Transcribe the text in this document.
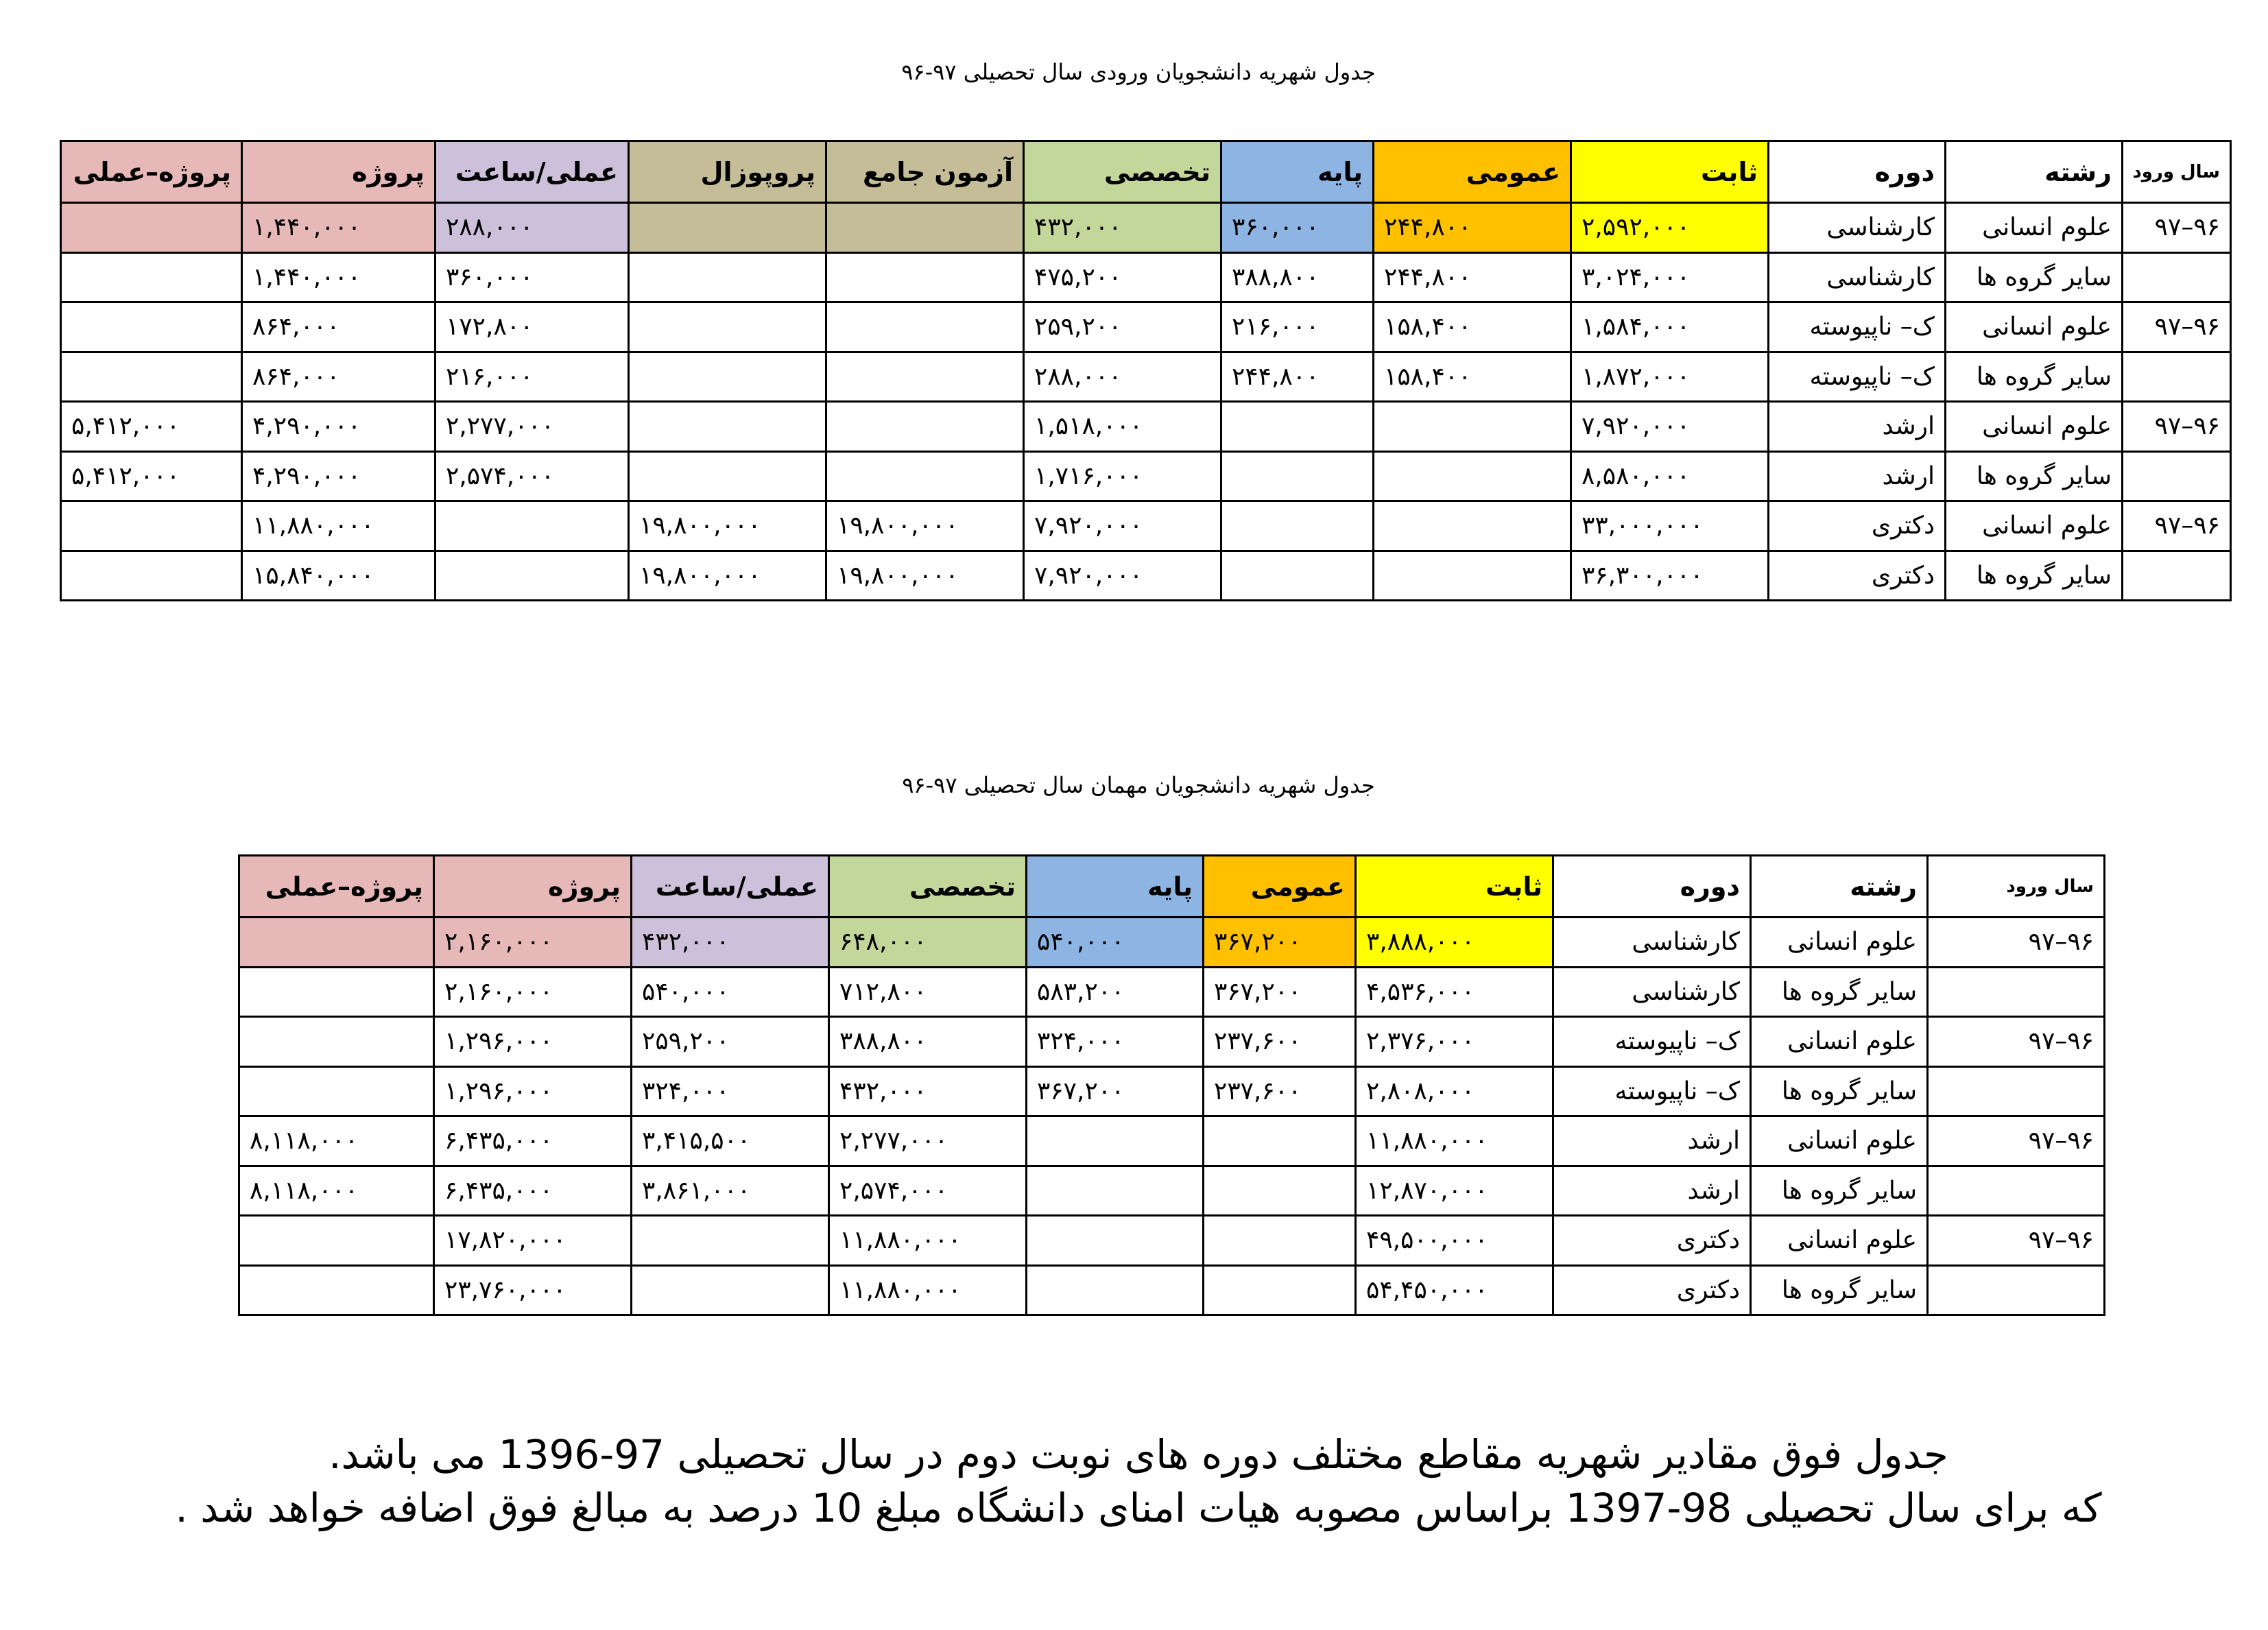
جدول شهریه دانشجویان ورودی سال تحصیلی ۹۷-۹۶
سال ورود	رشته	دوره	ثابت	عمومی	پایه	تخصصی	آزمون جامع	پروپوزال	عملی/ساعت	پروژه	پروژه–عملی
۹۶–۹۷	علوم انسانی	کارشناسی	۲,۵۹۲,۰۰۰	۲۴۴,۸۰۰	۳۶۰,۰۰۰	۴۳۲,۰۰۰			۲۸۸,۰۰۰	۱,۴۴۰,۰۰۰	
	سایر گروه ها	کارشناسی	۳,۰۲۴,۰۰۰	۲۴۴,۸۰۰	۳۸۸,۸۰۰	۴۷۵,۲۰۰			۳۶۰,۰۰۰	۱,۴۴۰,۰۰۰	
۹۶–۹۷	علوم انسانی	ک– ناپیوسته	۱,۵۸۴,۰۰۰	۱۵۸,۴۰۰	۲۱۶,۰۰۰	۲۵۹,۲۰۰			۱۷۲,۸۰۰	۸۶۴,۰۰۰	
	سایر گروه ها	ک– ناپیوسته	۱,۸۷۲,۰۰۰	۱۵۸,۴۰۰	۲۴۴,۸۰۰	۲۸۸,۰۰۰			۲۱۶,۰۰۰	۸۶۴,۰۰۰	
۹۶–۹۷	علوم انسانی	ارشد	۷,۹۲۰,۰۰۰			۱,۵۱۸,۰۰۰			۲,۲۷۷,۰۰۰	۴,۲۹۰,۰۰۰	۵,۴۱۲,۰۰۰
	سایر گروه ها	ارشد	۸,۵۸۰,۰۰۰			۱,۷۱۶,۰۰۰			۲,۵۷۴,۰۰۰	۴,۲۹۰,۰۰۰	۵,۴۱۲,۰۰۰
۹۶–۹۷	علوم انسانی	دکتری	۳۳,۰۰۰,۰۰۰			۷,۹۲۰,۰۰۰	۱۹,۸۰۰,۰۰۰	۱۹,۸۰۰,۰۰۰		۱۱,۸۸۰,۰۰۰	
	سایر گروه ها	دکتری	۳۶,۳۰۰,۰۰۰			۷,۹۲۰,۰۰۰	۱۹,۸۰۰,۰۰۰	۱۹,۸۰۰,۰۰۰		۱۵,۸۴۰,۰۰۰	
جدول شهریه دانشجویان مهمان سال تحصیلی ۹۷-۹۶
سال ورود	رشته	دوره	ثابت	عمومی	پایه	تخصصی	عملی/ساعت	پروژه	پروژه–عملی
۹۶–۹۷	علوم انسانی	کارشناسی	۳,۸۸۸,۰۰۰	۳۶۷,۲۰۰	۵۴۰,۰۰۰	۶۴۸,۰۰۰	۴۳۲,۰۰۰	۲,۱۶۰,۰۰۰	
	سایر گروه ها	کارشناسی	۴,۵۳۶,۰۰۰	۳۶۷,۲۰۰	۵۸۳,۲۰۰	۷۱۲,۸۰۰	۵۴۰,۰۰۰	۲,۱۶۰,۰۰۰	
۹۶–۹۷	علوم انسانی	ک– ناپیوسته	۲,۳۷۶,۰۰۰	۲۳۷,۶۰۰	۳۲۴,۰۰۰	۳۸۸,۸۰۰	۲۵۹,۲۰۰	۱,۲۹۶,۰۰۰	
	سایر گروه ها	ک– ناپیوسته	۲,۸۰۸,۰۰۰	۲۳۷,۶۰۰	۳۶۷,۲۰۰	۴۳۲,۰۰۰	۳۲۴,۰۰۰	۱,۲۹۶,۰۰۰	
۹۶–۹۷	علوم انسانی	ارشد	۱۱,۸۸۰,۰۰۰			۲,۲۷۷,۰۰۰	۳,۴۱۵,۵۰۰	۶,۴۳۵,۰۰۰	۸,۱۱۸,۰۰۰
	سایر گروه ها	ارشد	۱۲,۸۷۰,۰۰۰			۲,۵۷۴,۰۰۰	۳,۸۶۱,۰۰۰	۶,۴۳۵,۰۰۰	۸,۱۱۸,۰۰۰
۹۶–۹۷	علوم انسانی	دکتری	۴۹,۵۰۰,۰۰۰			۱۱,۸۸۰,۰۰۰		۱۷,۸۲۰,۰۰۰	
	سایر گروه ها	دکتری	۵۴,۴۵۰,۰۰۰			۱۱,۸۸۰,۰۰۰		۲۳,۷۶۰,۰۰۰	
جدول فوق مقادیر شهریه مقاطع مختلف دوره های نوبت دوم در سال تحصیلی 97-1396 می باشد.
که برای سال تحصیلی 98-1397 براساس مصوبه هیات امنای دانشگاه مبلغ 10 درصد به مبالغ فوق اضافه خواهد شد .
